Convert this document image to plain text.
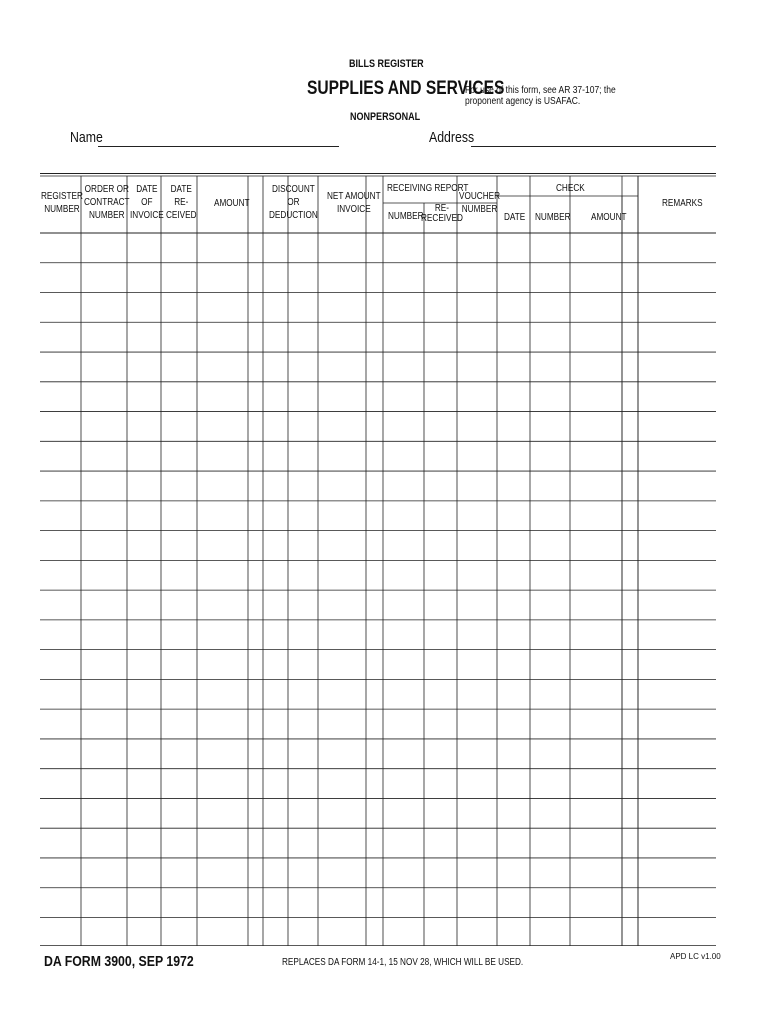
BILLS REGISTER
SUPPLIES AND SERVICES
NONPERSONAL
For use of this form, see AR 37-107; the proponent agency is USAFAC.
Name	Address
REGISTER
NUMBER
ORDER OR
CONTRACT
NUMBER
DATE
OF
INVOICE
DATE
RE-
CEIVED
AMOUNT
DISCOUNT
OR
DEDUCTION
NET AMOUNT
INVOICE
RECEIVING REPORT
NUMBER
RE-
RECEIVED
VOUCHER
NUMBER
CHECK
DATE NUMBER AMOUNT
REMARKS
DA FORM 3900, SEP 1972	REPLACES DA FORM 14-1, 15 NOV 28, WHICH WILL BE USED.
APD LC v1.00
